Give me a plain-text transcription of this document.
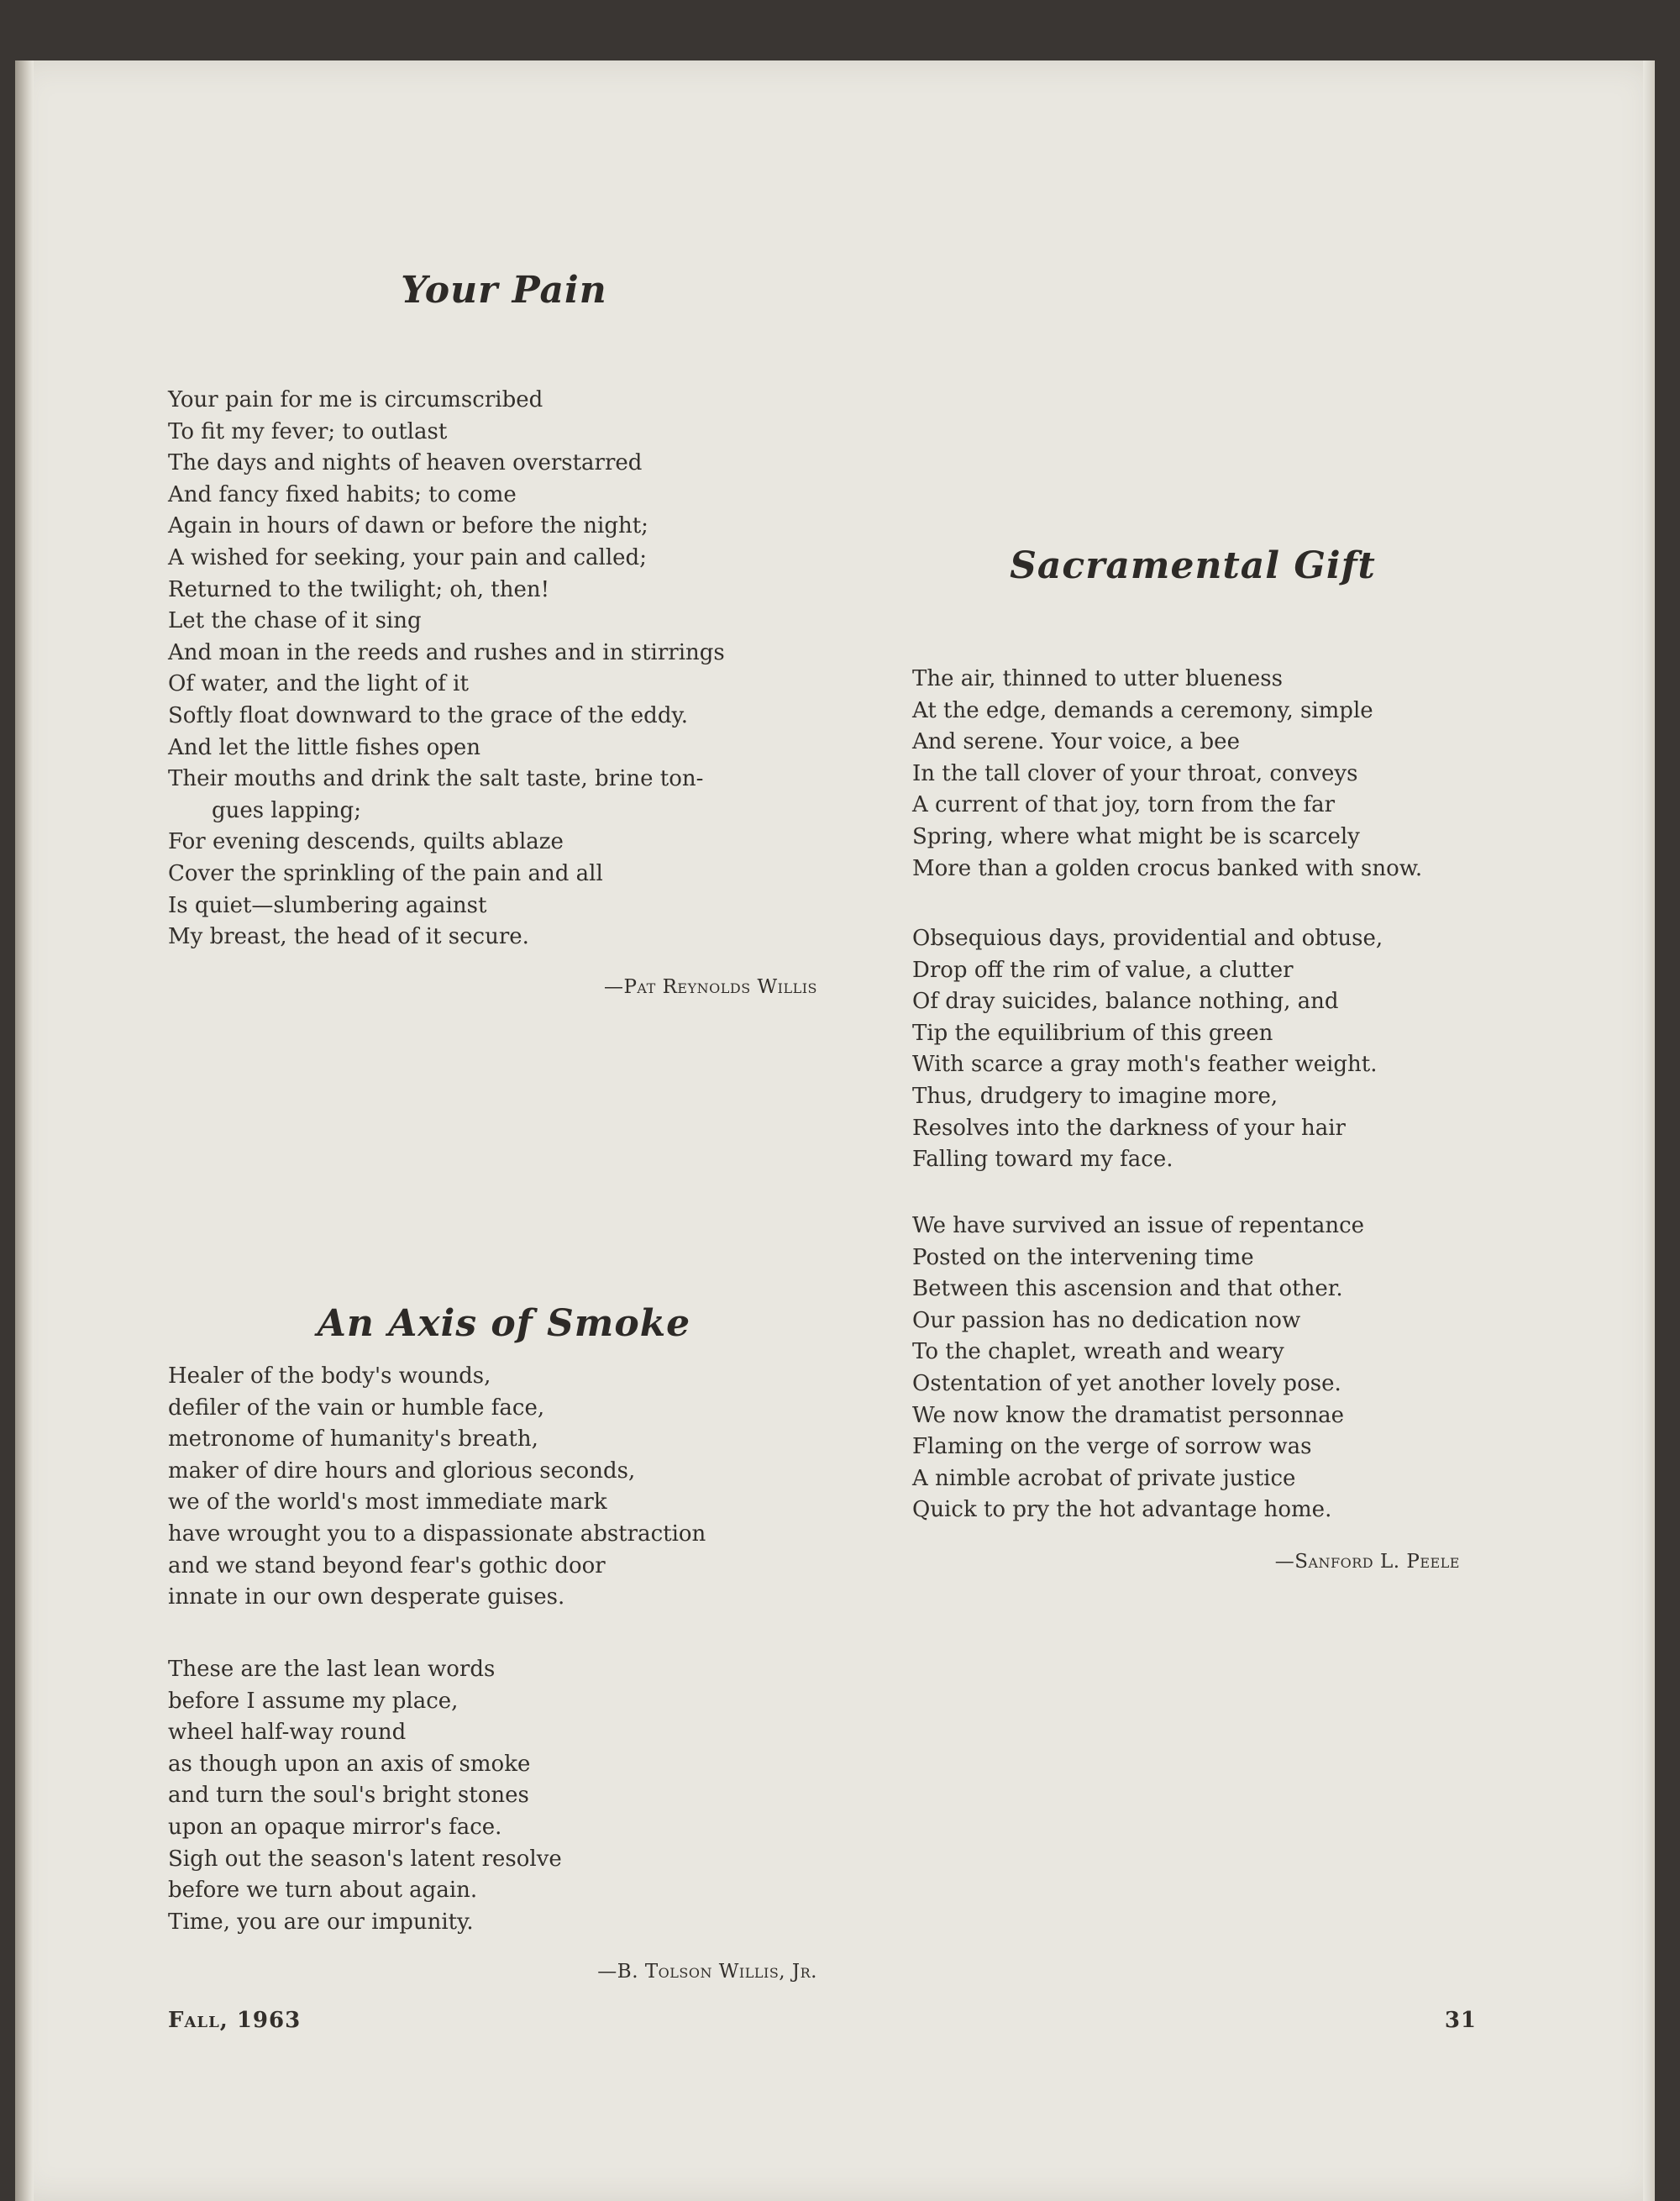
Your Pain
Your pain for me is circumscribed
To fit my fever; to outlast
The days and nights of heaven overstarred
And fancy fixed habits; to come
Again in hours of dawn or before the night;
A wished for seeking, your pain and called;
Returned to the twilight; oh, then!
Let the chase of it sing
And moan in the reeds and rushes and in stirrings
Of water, and the light of it
Softly float downward to the grace of the eddy.
And let the little fishes open
Their mouths and drink the salt taste, brine ton-
gues lapping;
For evening descends, quilts ablaze
Cover the sprinkling of the pain and all
Is quiet—slumbering against
My breast, the head of it secure.

—Pat Reynolds Willis

An Axis of Smoke
Healer of the body's wounds,
defiler of the vain or humble face,
metronome of humanity's breath,
maker of dire hours and glorious seconds,
we of the world's most immediate mark
have wrought you to a dispassionate abstraction
and we stand beyond fear's gothic door
innate in our own desperate guises.
These are the last lean words
before I assume my place,
wheel half-way round
as though upon an axis of smoke
and turn the soul's bright stones
upon an opaque mirror's face.
Sigh out the season's latent resolve
before we turn about again.
Time, you are our impunity.

—B. Tolson Willis, Jr.

Sacramental Gift
The air, thinned to utter blueness
At the edge, demands a ceremony, simple
And serene. Your voice, a bee
In the tall clover of your throat, conveys
A current of that joy, torn from the far
Spring, where what might be is scarcely
More than a golden crocus banked with snow.
Obsequious days, providential and obtuse,
Drop off the rim of value, a clutter
Of dray suicides, balance nothing, and
Tip the equilibrium of this green
With scarce a gray moth's feather weight.
Thus, drudgery to imagine more,
Resolves into the darkness of your hair
Falling toward my face.
We have survived an issue of repentance
Posted on the intervening time
Between this ascension and that other.
Our passion has no dedication now
To the chaplet, wreath and weary
Ostentation of yet another lovely pose.
We now know the dramatist personnae
Flaming on the verge of sorrow was
A nimble acrobat of private justice
Quick to pry the hot advantage home.

—Sanford L. Peele

Fall, 1963	31
